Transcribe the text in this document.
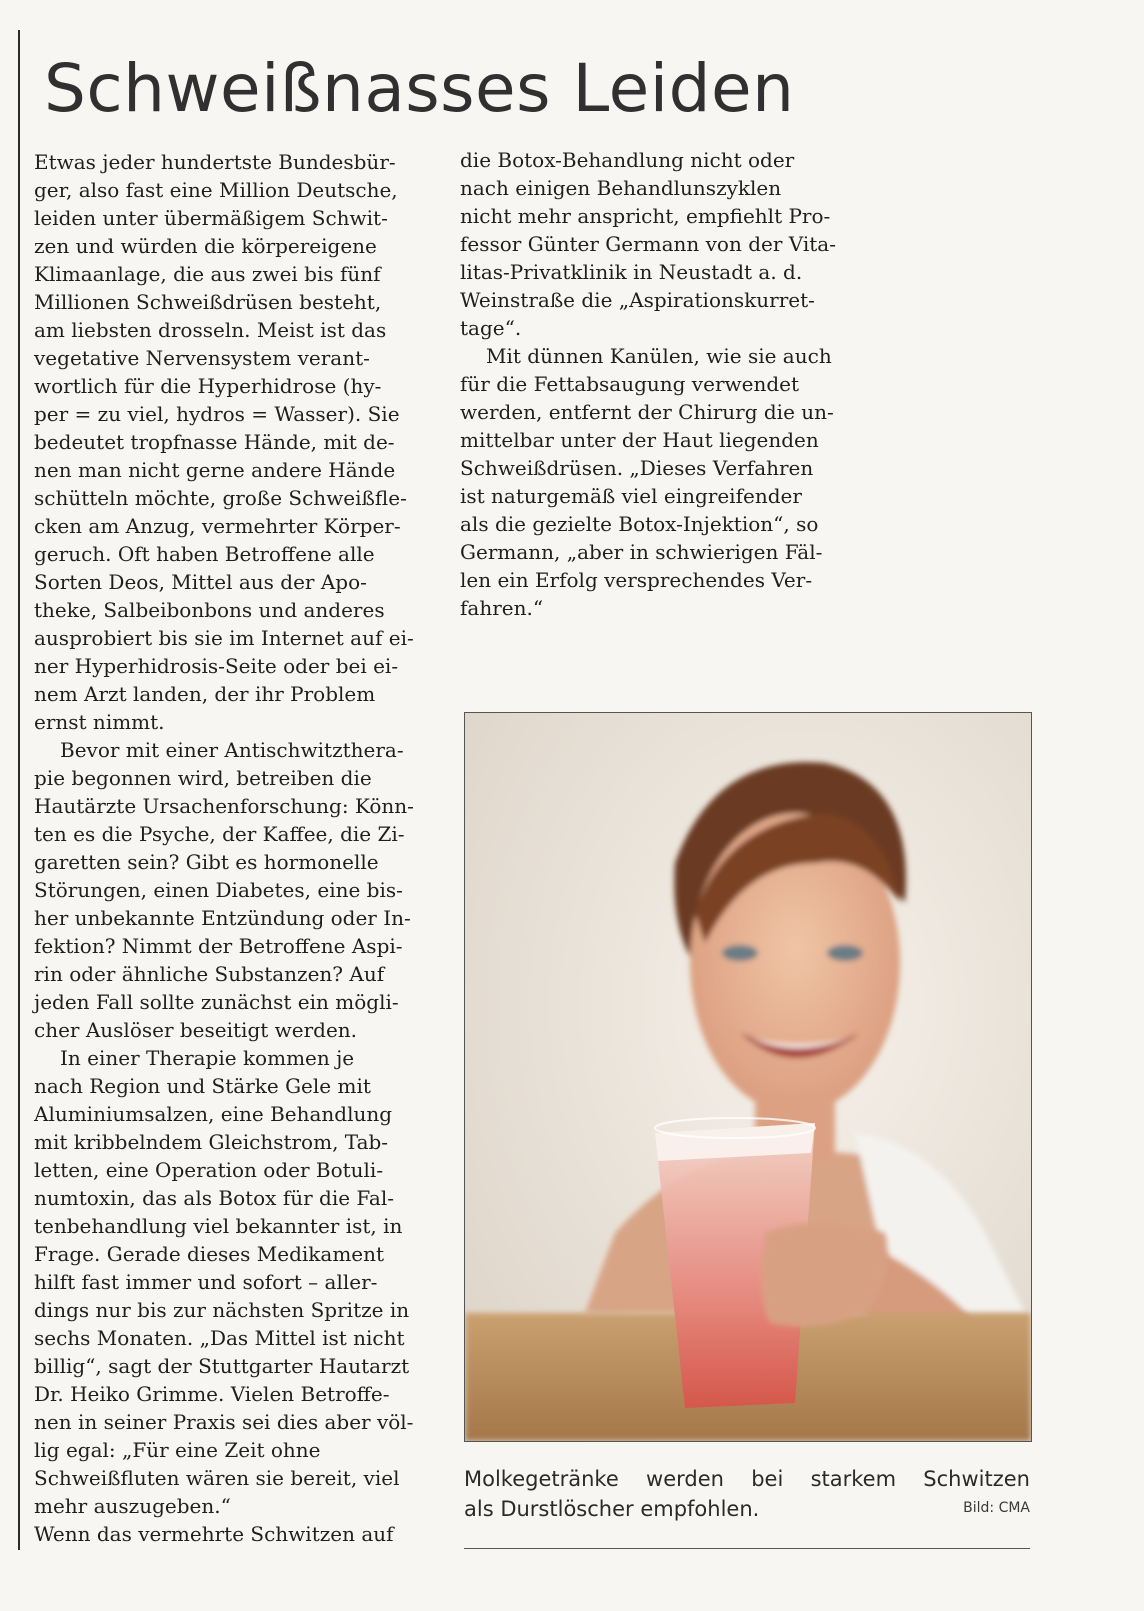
Schweißnasses Leiden

Etwas jeder hundertste Bundesbür-

ger, also fast eine Million Deutsche,

leiden unter übermäßigem Schwit-

zen und würden die körpereigene

Klimaanlage, die aus zwei bis fünf

Millionen Schweißdrüsen besteht,

am liebsten drosseln. Meist ist das

vegetative Nervensystem verant-

wortlich für die Hyperhidrose (hy-

per = zu viel, hydros = Wasser). Sie

bedeutet tropfnasse Hände, mit de-

nen man nicht gerne andere Hände

schütteln möchte, große Schweißfle-

cken am Anzug, vermehrter Körper-

geruch. Oft haben Betroffene alle

Sorten Deos, Mittel aus der Apo-

theke, Salbeibonbons und anderes

ausprobiert bis sie im Internet auf ei-

ner Hyperhidrosis-Seite oder bei ei-

nem Arzt landen, der ihr Problem

ernst nimmt.

Bevor mit einer Antischwitzthera-

pie begonnen wird, betreiben die

Hautärzte Ursachenforschung: Könn-

ten es die Psyche, der Kaffee, die Zi-

garetten sein? Gibt es hormonelle

Störungen, einen Diabetes, eine bis-

her unbekannte Entzündung oder In-

fektion? Nimmt der Betroffene Aspi-

rin oder ähnliche Substanzen? Auf

jeden Fall sollte zunächst ein mögli-

cher Auslöser beseitigt werden.

In einer Therapie kommen je

nach Region und Stärke Gele mit

Aluminiumsalzen, eine Behandlung

mit kribbelndem Gleichstrom, Tab-

letten, eine Operation oder Botuli-

numtoxin, das als Botox für die Fal-

tenbehandlung viel bekannter ist, in

Frage. Gerade dieses Medikament

hilft fast immer und sofort – aller-

dings nur bis zur nächsten Spritze in

sechs Monaten. „Das Mittel ist nicht

billig“, sagt der Stuttgarter Hautarzt

Dr. Heiko Grimme. Vielen Betroffe-

nen in seiner Praxis sei dies aber völ-

lig egal: „Für eine Zeit ohne

Schweißfluten wären sie bereit, viel

mehr auszugeben.“

Wenn das vermehrte Schwitzen auf

die Botox-Behandlung nicht oder

nach einigen Behandlunszyklen

nicht mehr anspricht, empfiehlt Pro-

fessor Günter Germann von der Vita-

litas-Privatklinik in Neustadt a. d.

Weinstraße die „Aspirationskurret-

tage“.

Mit dünnen Kanülen, wie sie auch

für die Fettabsaugung verwendet

werden, entfernt der Chirurg die un-

mittelbar unter der Haut liegenden

Schweißdrüsen. „Dieses Verfahren

ist naturgemäß viel eingreifender

als die gezielte Botox-Injektion“, so

Germann, „aber in schwierigen Fäl-

len ein Erfolg versprechendes Ver-

fahren.“

Molkegetränke werden bei starkem Schwitzen
als Durstlöscher empfohlen.	Bild: CMA
